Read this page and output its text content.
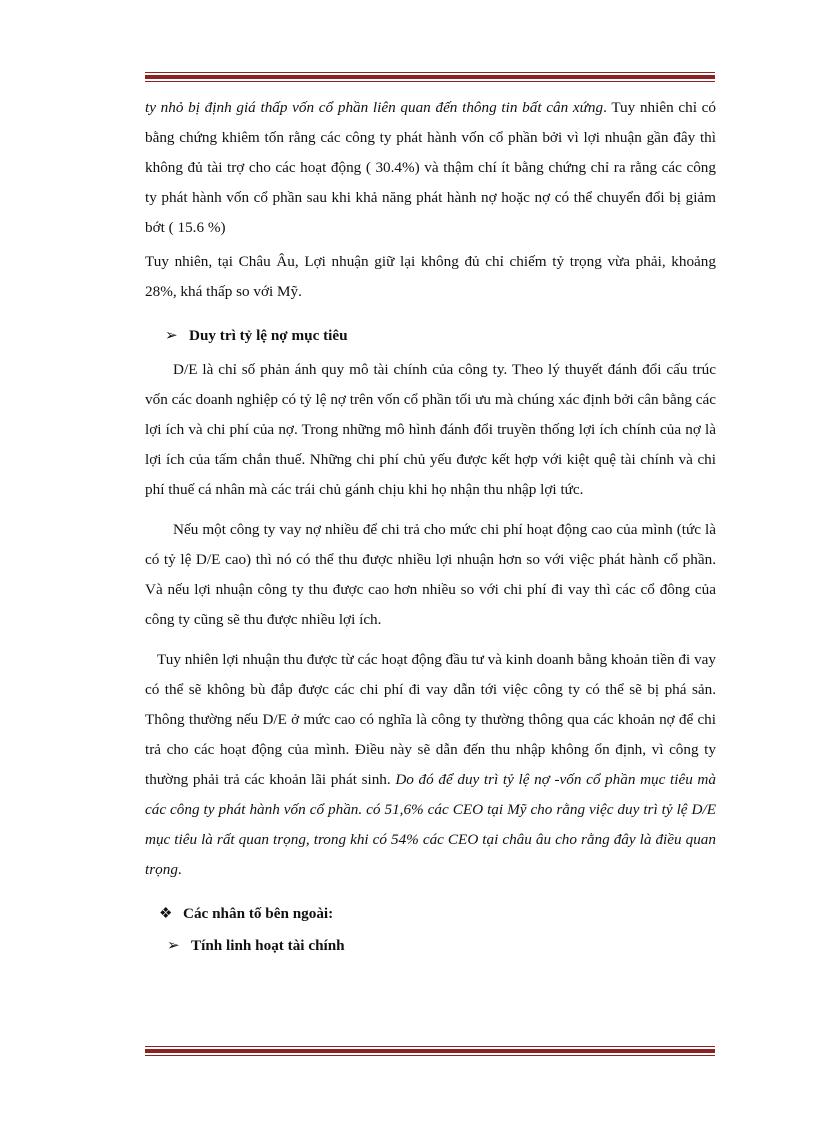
ty nhỏ bị định giá thấp vốn cổ phần liên quan đến thông tin bất cân xứng. Tuy nhiên chỉ có bằng chứng khiêm tốn rằng các công ty phát hành vốn cổ phần bởi vì lợi nhuận gần đây thì không đủ tài trợ cho các hoạt động ( 30.4%) và thậm chí ít bằng chứng chỉ ra rằng các công ty phát hành vốn cổ phần sau khi khả năng phát hành nợ hoặc nợ có thể chuyển đổi bị giảm bớt ( 15.6 %)

Tuy nhiên, tại Châu Âu, Lợi nhuận giữ lại không đủ chỉ chiếm tỷ trọng vừa phải, khoảng 28%, khá thấp so với Mỹ.

➢ Duy trì tỷ lệ nợ mục tiêu

D/E là chỉ số phản ánh quy mô tài chính của công ty. Theo lý thuyết đánh đổi cấu trúc vốn các doanh nghiệp có tỷ lệ nợ trên vốn cổ phần tối ưu mà chúng xác định bởi cân bằng các lợi ích và chi phí của nợ. Trong những mô hình đánh đổi truyền thống lợi ích chính của nợ là lợi ích của tấm chắn thuế. Những chi phí chủ yếu được kết hợp với kiệt quệ tài chính và chi phí thuế cá nhân mà các trái chủ gánh chịu khi họ nhận thu nhập lợi tức.

Nếu một công ty vay nợ nhiều để chi trả cho mức chi phí hoạt động cao của mình (tức là có tỷ lệ D/E cao) thì nó có thể thu được nhiều lợi nhuận hơn so với việc phát hành cổ phần. Và nếu lợi nhuận công ty thu được cao hơn nhiều so với chi phí đi vay thì các cổ đông của công ty cũng sẽ thu được nhiều lợi ích.

Tuy nhiên lợi nhuận thu được từ các hoạt động đầu tư và kinh doanh bằng khoản tiền đi vay có thể sẽ không bù đắp được các chi phí đi vay dẫn tới việc công ty có thể sẽ bị phá sản. Thông thường nếu D/E ở mức cao có nghĩa là công ty thường thông qua các khoản nợ để chi trả cho các hoạt động của mình. Điều này sẽ dẫn đến thu nhập không ổn định, vì công ty thường phải trả các khoản lãi phát sinh. Do đó để duy trì tỷ lệ nợ -vốn cổ phần mục tiêu mà các công ty phát hành vốn cổ phần. có 51,6% các CEO tại Mỹ cho rằng việc duy trì tỷ lệ D/E mục tiêu là rất quan trọng, trong khi có 54% các CEO tại châu âu cho rằng đây là điều quan trọng.

❖ Các nhân tố bên ngoài:
➢ Tính linh hoạt tài chính
